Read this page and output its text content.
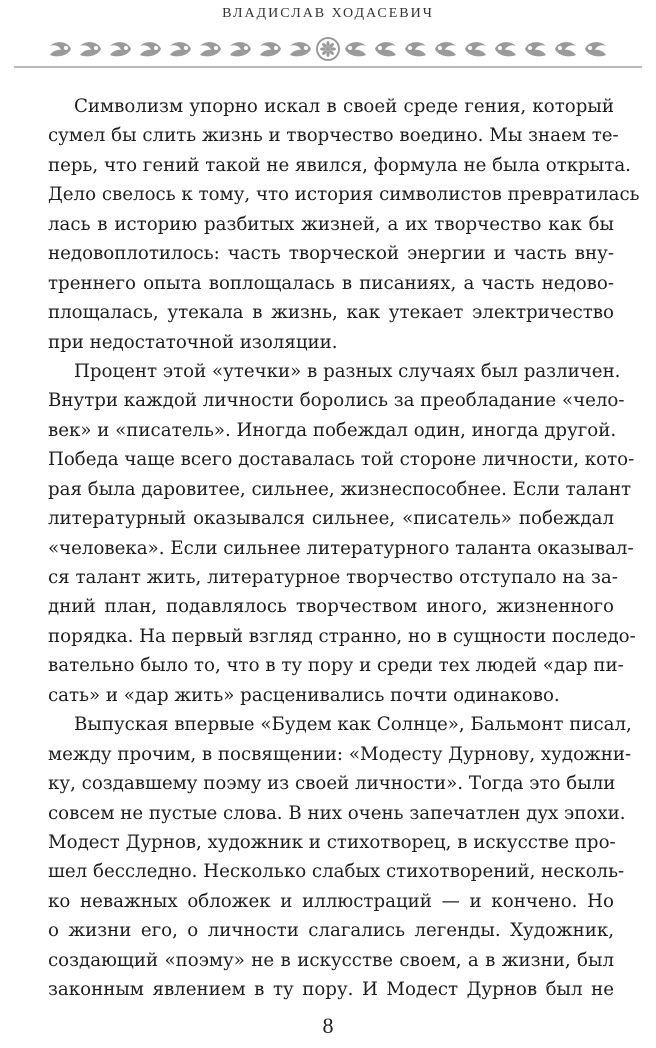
ВЛАДИСЛАВ ХОДАСЕВИЧ
Символизм упорно искал в своей среде гения, который
сумел бы слить жизнь и творчество воедино. Мы знаем те-
перь, что гений такой не явился, формула не была открыта.
Дело свелось к тому, что история символистов превратилась
лась в историю разбитых жизней, а их творчество как бы
недовоплотилось: часть творческой энергии и часть вну-
треннего опыта воплощалась в писаниях, а часть недово-
площалась, утекала в жизнь, как утекает электричество
при недостаточной изоляции.
Процент этой «утечки» в разных случаях был различен.
Внутри каждой личности боролись за преобладание «чело-
век» и «писатель». Иногда побеждал один, иногда другой.
Победа чаще всего доставалась той стороне личности, кото-
рая была даровитее, сильнее, жизнеспособнее. Если талант
литературный оказывался сильнее, «писатель» побеждал
«человека». Если сильнее литературного таланта оказывал-
ся талант жить, литературное творчество отступало на за-
дний план, подавлялось творчеством иного, жизненного
порядка. На первый взгляд странно, но в сущности последо-
вательно было то, что в ту пору и среди тех людей «дар пи-
сать» и «дар жить» расценивались почти одинаково.
Выпуская впервые «Будем как Солнце», Бальмонт писал,
между прочим, в посвящении: «Модесту Дурнову, художни-
ку, создавшему поэму из своей личности». Тогда это были
совсем не пустые слова. В них очень запечатлен дух эпохи.
Модест Дурнов, художник и стихотворец, в искусстве про-
шел бесследно. Несколько слабых стихотворений, несколь-
ко неважных обложек и иллюстраций — и кончено. Но
о жизни его, о личности слагались легенды. Художник,
создающий «поэму» не в искусстве своем, а в жизни, был
законным явлением в ту пору. И Модест Дурнов был не
8
